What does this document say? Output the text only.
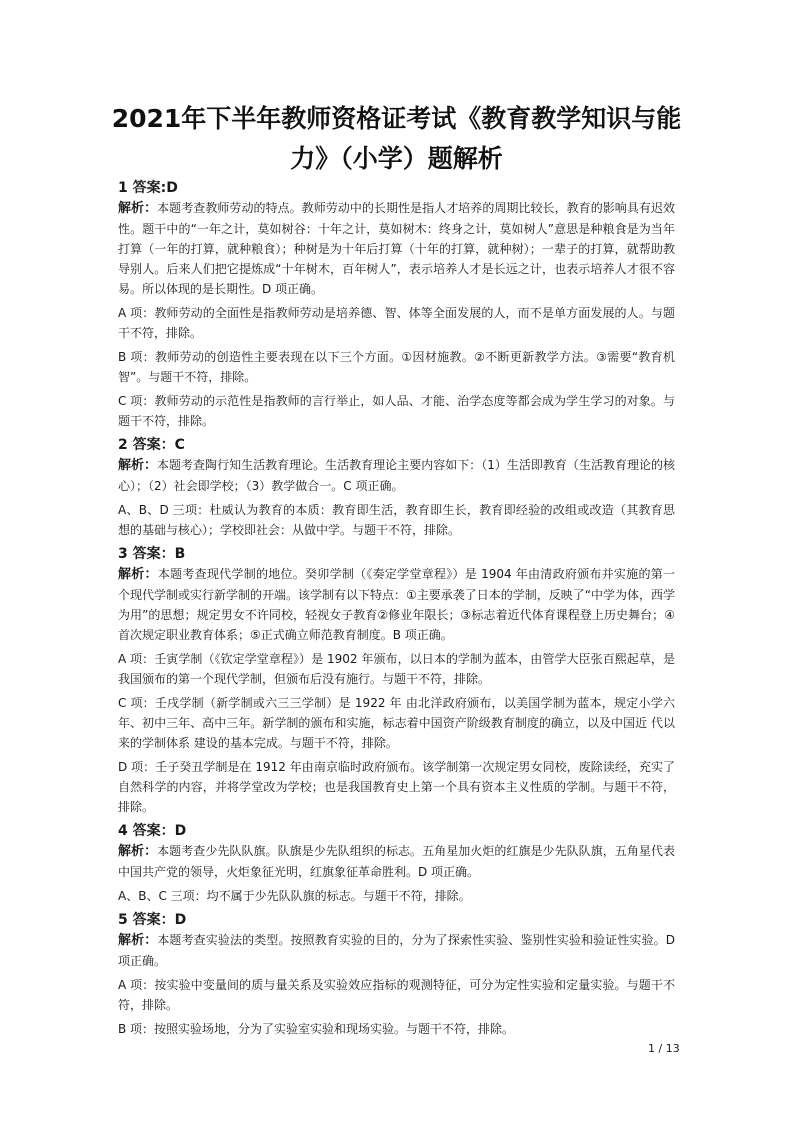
2021年下半年教师资格证考试《教育教学知识与能
力》（小学）题解析

1 答案:D

解析：本题考查教师劳动的特点。教师劳动中的长期性是指人才培养的周期比较长，教育的影响具有迟效性。题干中的“一年之计，莫如树谷：十年之计，莫如树木：终身之计，莫如树人”意思是种粮食是为当年打算（一年的打算，就种粮食）；种树是为十年后打算（十年的打算，就种树）；一辈子的打算，就帮助教导别人。后来人们把它提炼成“十年树木，百年树人”，表示培养人才是长远之计，也表示培养人才很不容易。所以体现的是长期性。D 项正确。

A 项：教师劳动的全面性是指教师劳动是培养德、智、体等全面发展的人，而不是单方面发展的人。与题干不符，排除。

B 项：教师劳动的创造性主要表现在以下三个方面。①因材施教。②不断更新教学方法。③需要“教育机智”。与题干不符，排除。

C 项：教师劳动的示范性是指教师的言行举止，如人品、才能、治学态度等都会成为学生学习的对象。与题干不符，排除。

2 答案：C

解析：本题考查陶行知生活教育理论。生活教育理论主要内容如下：（1）生活即教育（生活教育理论的核心）；（2）社会即学校；（3）教学做合一。C 项正确。

A、B、D 三项：杜威认为教育的本质：教育即生活，教育即生长，教育即经验的改组或改造（其教育思想的基础与核心）；学校即社会：从做中学。与题干不符，排除。

3 答案：B

解析：本题考查现代学制的地位。癸卯学制（《奏定学堂章程》）是 1904 年由清政府颁布并实施的第一个现代学制或实行新学制的开端。该学制有以下特点：①主要承袭了日本的学制，反映了“中学为体，西学为用”的思想；规定男女不许同校，轻视女子教育②修业年限长；③标志着近代体育课程登上历史舞台；④首次规定职业教育体系；⑤正式确立师范教育制度。B 项正确。

A 项：壬寅学制（《钦定学堂章程》）是 1902 年颁布，以日本的学制为蓝本，由管学大臣张百熙起草，是我国颁布的第一个现代学制，但颁布后没有施行。与题干不符，排除。

C 项：壬戌学制（新学制或六三三学制）是 1922 年 由北洋政府颁布，以美国学制为蓝本，规定小学六年、初中三年、高中三年。新学制的颁布和实施，标志着中国资产阶级教育制度的确立，以及中国近 代以来的学制体系 建设的基本完成。与题干不符，排除。

D 项：壬子癸丑学制是在 1912 年由南京临时政府颁布。该学制第一次规定男女同校，废除读经，充实了自然科学的内容，并将学堂改为学校；也是我国教育史上第一个具有资本主义性质的学制。与题干不符，排除。

4 答案：D

解析：本题考查少先队队旗。队旗是少先队组织的标志。五角星加火炬的红旗是少先队队旗，五角星代表中国共产党的领导，火炬象征光明，红旗象征革命胜利。D 项正确。

A、B、C 三项：均不属于少先队队旗的标志。与题干不符，排除。

5 答案：D

解析：本题考查实验法的类型。按照教育实验的目的，分为了探索性实验、鉴别性实验和验证性实验。D 项正确。

A 项：按实验中变量间的质与量关系及实验效应指标的观测特征，可分为定性实验和定量实验。与题干不符，排除。

B 项：按照实验场地，分为了实验室实验和现场实验。与题干不符，排除。

1 / 13
